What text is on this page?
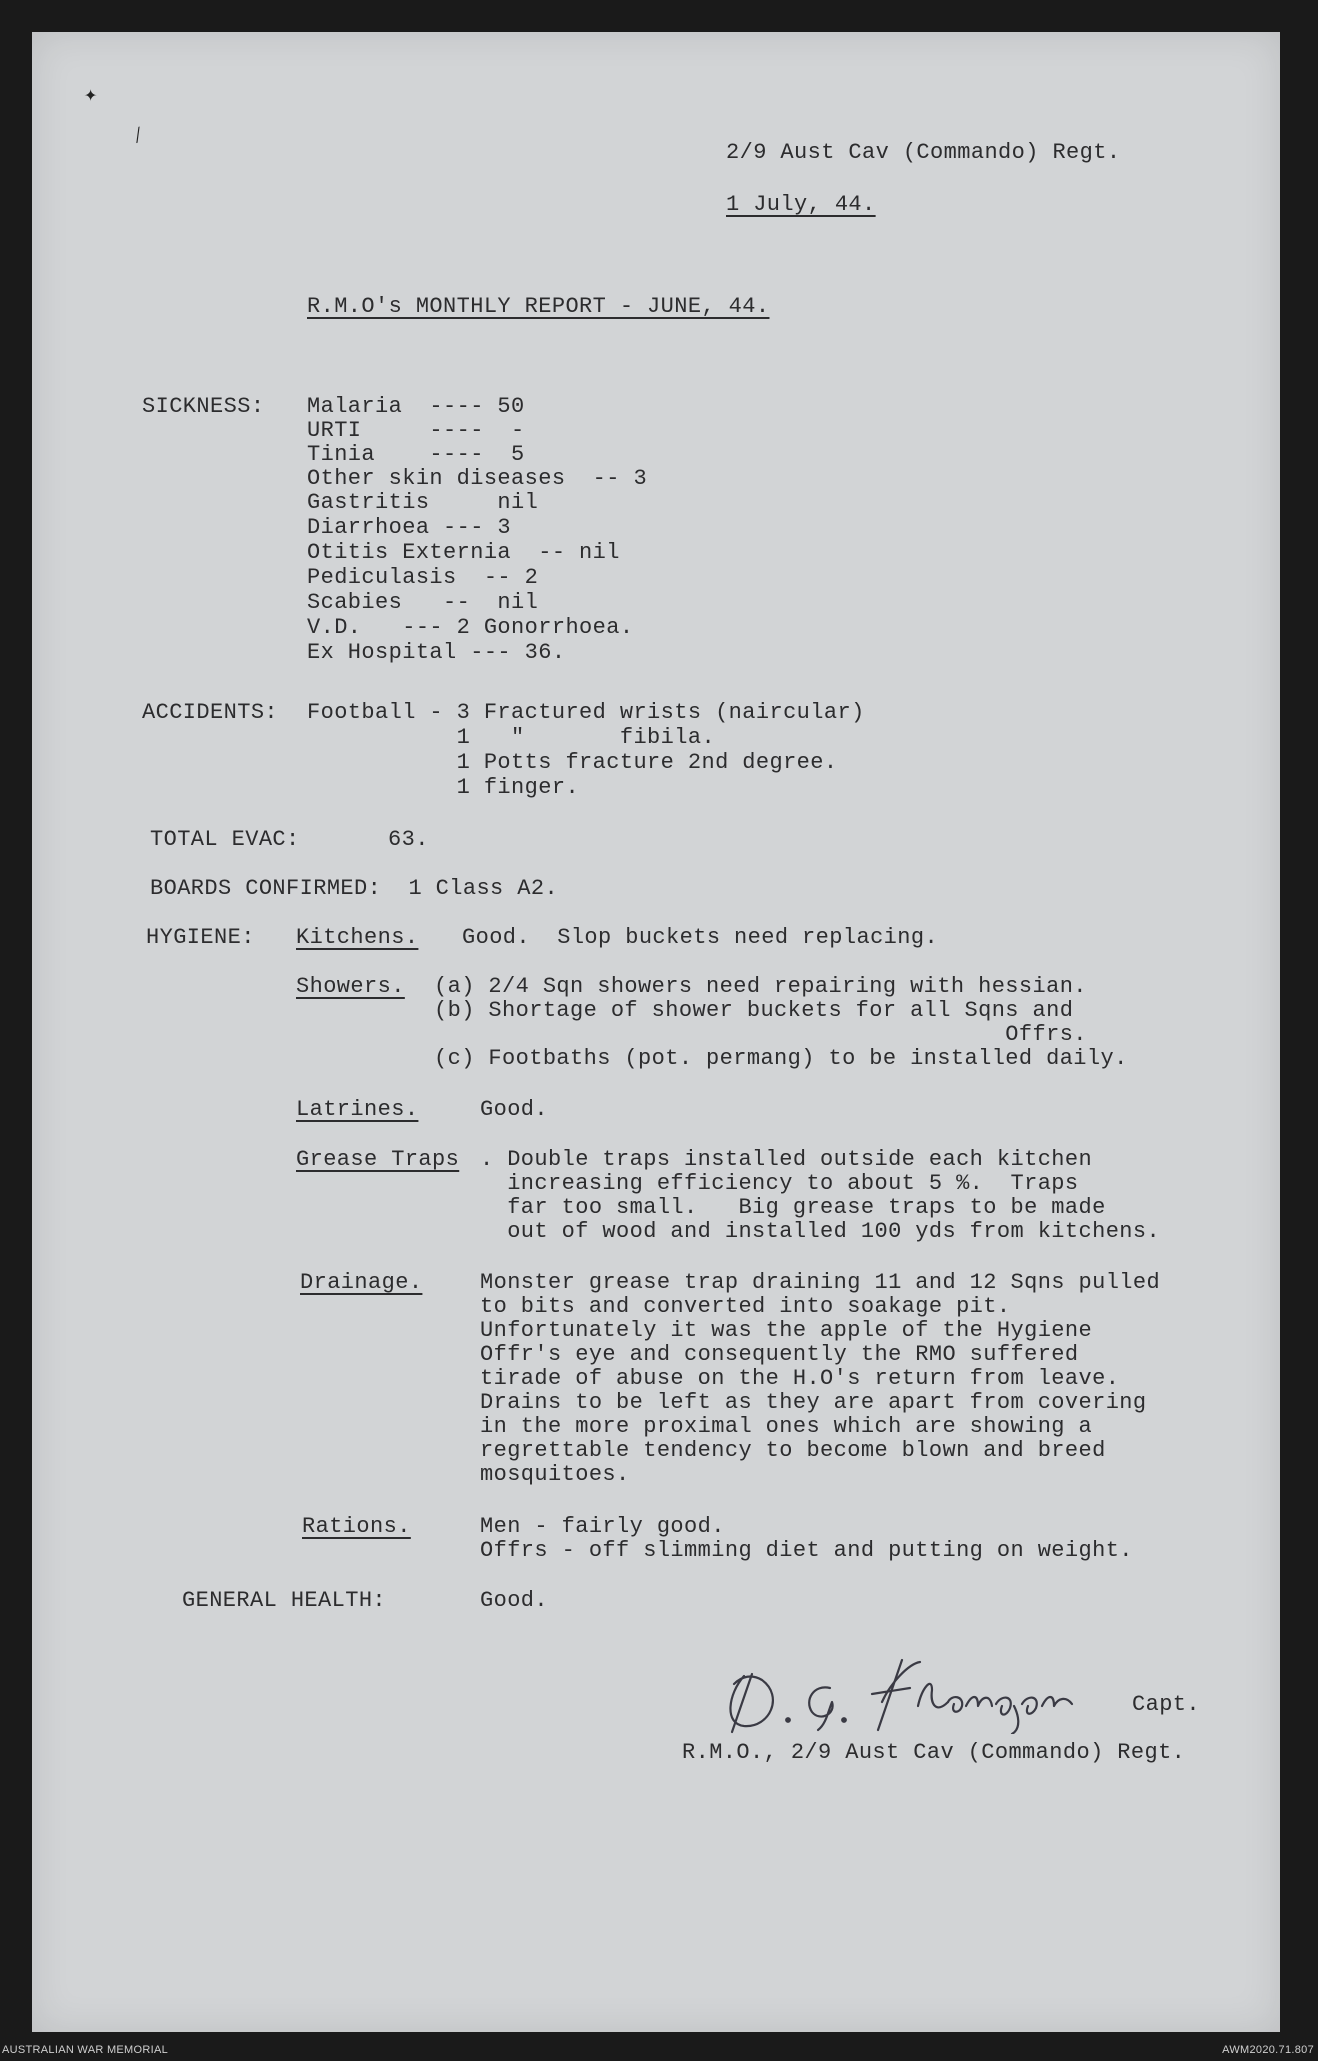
✦
∕
2/9 Aust Cav (Commando) Regt.
1 July, 44.
R.M.O's MONTHLY REPORT - JUNE, 44.
SICKNESS: Malaria  ---- 50
URTI     ----  -
Tinia    ----  5
Other skin diseases  -- 3
Gastritis     nil
Diarrhoea --- 3
Otitis Externia  -- nil
Pediculasis  -- 2
Scabies   --  nil
V.D.   --- 2 Gonorrhoea.
Ex Hospital --- 36.
ACCIDENTS: Football - 3 Fractured wrists (naircular)
1   "       fibila.
1 Potts fracture 2nd degree.
1 finger.
TOTAL EVAC:	63.
BOARDS CONFIRMED:  1 Class A2.
HYGIENE: Kitchens. Good.  Slop buckets need replacing.
Showers. (a) 2/4 Sqn showers need repairing with hessian.
(b) Shortage of shower buckets for all Sqns and
Offrs.
(c) Footbaths (pot. permang) to be installed daily.
Latrines.	Good.
Grease Traps . Double traps installed outside each kitchen
increasing efficiency to about 5 %.  Traps
far too small.   Big grease traps to be made
out of wood and installed 100 yds from kitchens.
Drainage.	Monster grease trap draining 11 and 12 Sqns pulled
to bits and converted into soakage pit.
Unfortunately it was the apple of the Hygiene
Offr's eye and consequently the RMO suffered
tirade of abuse on the H.O's return from leave.
Drains to be left as they are apart from covering
in the more proximal ones which are showing a
regrettable tendency to become blown and breed
mosquitoes.
Rations.	Men - fairly good.
Offrs - off slimming diet and putting on weight.
GENERAL HEALTH:	Good.
Capt.
R.M.O., 2/9 Aust Cav (Commando) Regt.
AUSTRALIAN WAR MEMORIAL	AWM2020.71.807
